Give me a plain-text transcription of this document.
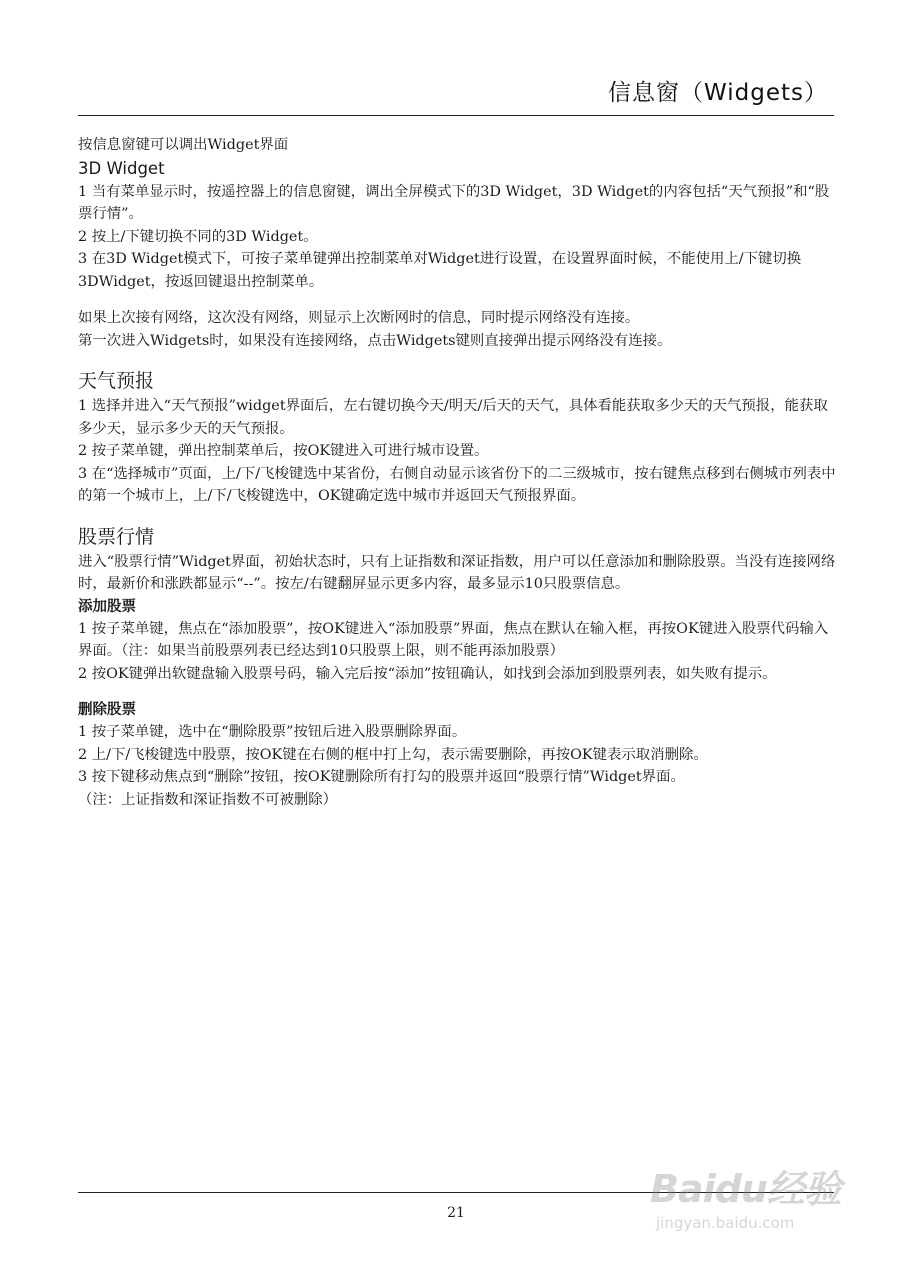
信息窗（Widgets）

按信息窗键可以调出Widget界面

3D Widget

1 当有菜单显示时，按遥控器上的信息窗键，调出全屏模式下的3D Widget，3D Widget的内容包括“天气预报”和“股票行情”。

2 按上/下键切换不同的3D Widget。

3 在3D Widget模式下，可按子菜单键弹出控制菜单对Widget进行设置，在设置界面时候，不能使用上/下键切换3DWidget，按返回键退出控制菜单。

如果上次接有网络，这次没有网络，则显示上次断网时的信息，同时提示网络没有连接。

第一次进入Widgets时，如果没有连接网络，点击Widgets键则直接弹出提示网络没有连接。

天气预报

1 选择并进入“天气预报”widget界面后，左右键切换今天/明天/后天的天气，具体看能获取多少天的天气预报，能获取多少天，显示多少天的天气预报。

2 按子菜单键，弹出控制菜单后，按OK键进入可进行城市设置。

3 在“选择城市”页面，上/下/飞梭键选中某省份，右侧自动显示该省份下的二三级城市，按右键焦点移到右侧城市列表中的第一个城市上，上/下/飞梭键选中，OK键确定选中城市并返回天气预报界面。

股票行情

进入“股票行情”Widget界面，初始状态时，只有上证指数和深证指数，用户可以任意添加和删除股票。当没有连接网络时，最新价和涨跌都显示“--”。按左/右键翻屏显示更多内容，最多显示10只股票信息。

添加股票

1 按子菜单键，焦点在“添加股票”，按OK键进入“添加股票”界面，焦点在默认在输入框，再按OK键进入股票代码输入界面。（注：如果当前股票列表已经达到10只股票上限，则不能再添加股票）

2 按OK键弹出软键盘输入股票号码，输入完后按“添加”按钮确认，如找到会添加到股票列表，如失败有提示。

删除股票

1 按子菜单键，选中在“删除股票”按钮后进入股票删除界面。

2 上/下/飞梭键选中股票，按OK键在右侧的框中打上勾，表示需要删除，再按OK键表示取消删除。

3 按下键移动焦点到“删除”按钮，按OK键删除所有打勾的股票并返回“股票行情”Widget界面。

（注：上证指数和深证指数不可被删除）

21
Baidu经验
jingyan.baidu.com
